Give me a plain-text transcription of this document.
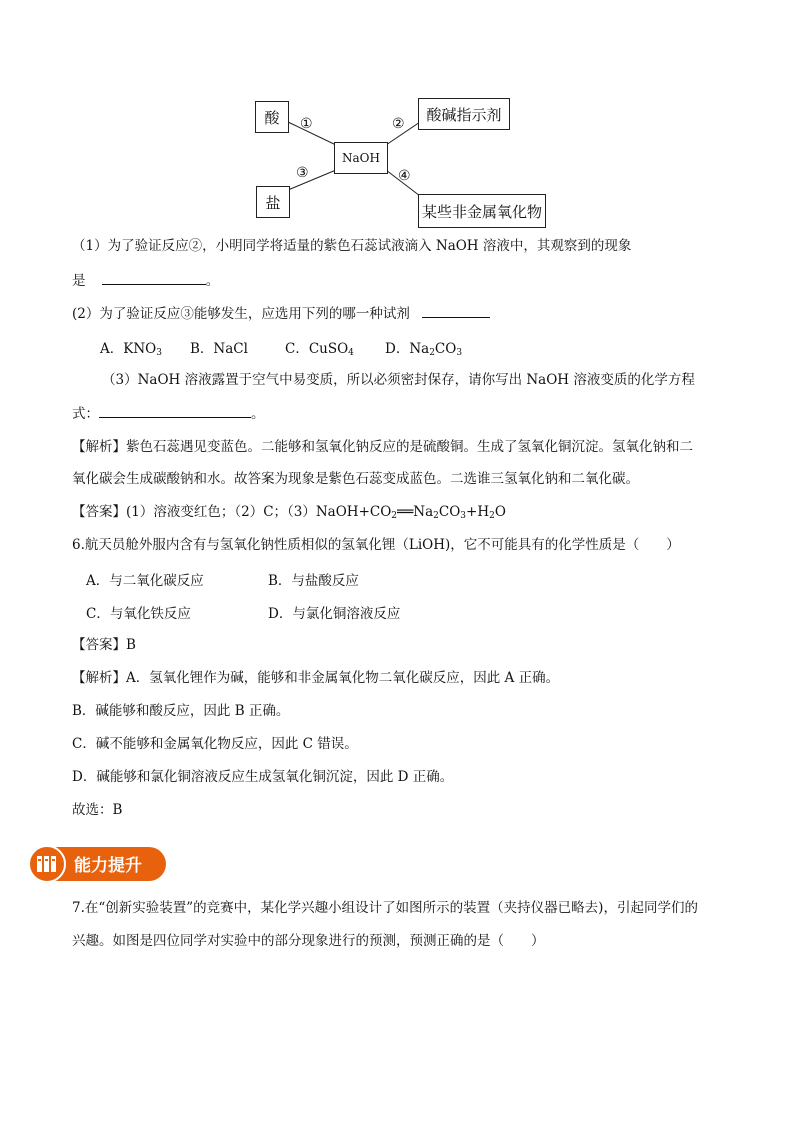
酸	酸碱指示剂
NaOH
盐	某些非金属氧化物
①	②
③	④
（1）为了验证反应②，小明同学将适量的紫色石蕊试液滴入 NaOH 溶液中，其观察到的现象
是	。
(2）为了验证反应③能够发生，应选用下列的哪一种试剂
A．$KNO_3$ B．NaCl	C．CuSO$_4$ D．$Na_2CO_3$
（3）NaOH 溶液露置于空气中易变质，所以必须密封保存，请你写出 NaOH 溶液变质的化学方程
式：	。
【解析】紫色石蕊遇见变蓝色。二能够和氢氧化钠反应的是硫酸铜。生成了氢氧化铜沉淀。氢氧化钠和二
氧化碳会生成碳酸钠和水。故答案为现象是紫色石蕊变成蓝色。二选谁三氢氧化钠和二氧化碳。
【答案】(1）溶液变红色；（2）C；$(3)NaOH+CO_2══Na_2CO_3+H_2O$
6.航天员舱外服内含有与氢氧化钠性质相似的氢氧化锂（LiOH)，它不可能具有的化学性质是（　　）
A．与二氧化碳反应	B．与盐酸反应
C．与氧化铁反应	D．与氯化铜溶液反应
【答案】B
【解析】A．氢氧化锂作为碱，能够和非金属氧化物二氧化碳反应，因此 A 正确。
B．碱能够和酸反应，因此 B 正确。
C．碱不能够和金属氧化物反应，因此 C 错误。
D．碱能够和氯化铜溶液反应生成氢氧化铜沉淀，因此 D 正确。
故选：B
能力提升
7.在“创新实验装置”的竞赛中，某化学兴趣小组设计了如图所示的装置（夹持仪器已略去)，引起同学们的
兴趣。如图是四位同学对实验中的部分现象进行的预测，预测正确的是（　　）
